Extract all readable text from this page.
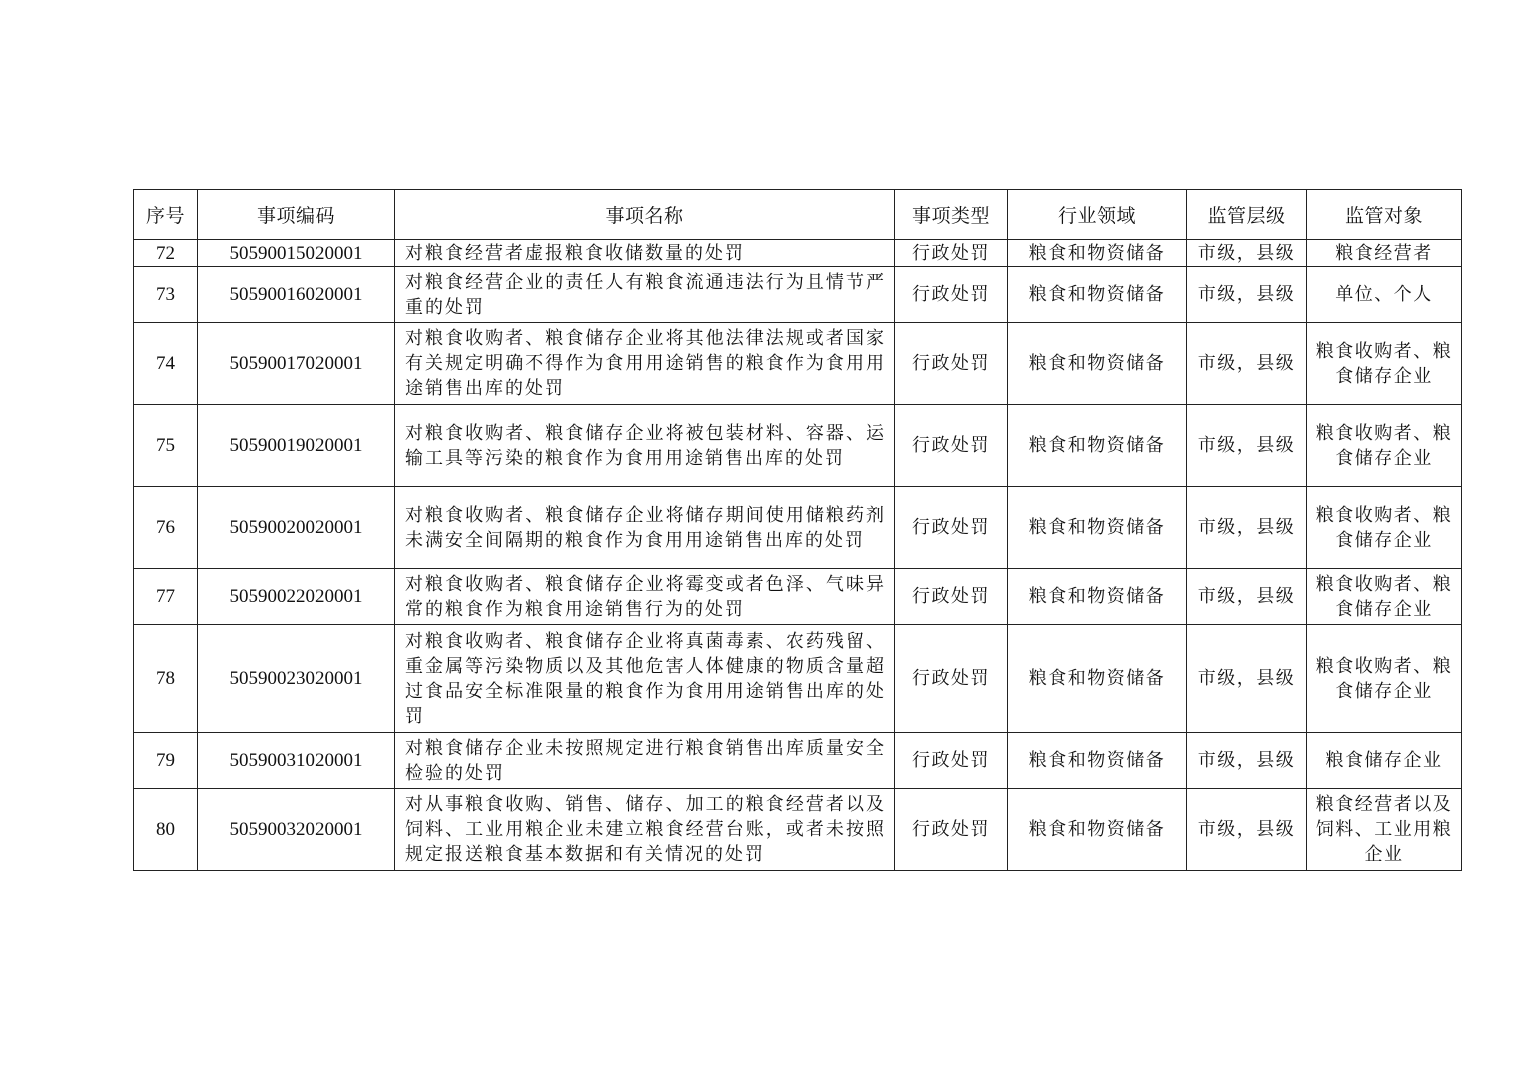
序号	事项编码	事项名称	事项类型	行业领域	监管层级	监管对象
72	50590015020001	对粮食经营者虚报粮食收储数量的处罚	行政处罚	粮食和物资储备	市级，县级	粮食经营者
73	50590016020001	对粮食经营企业的责任人有粮食流通违法行为且情节严重的处罚	行政处罚	粮食和物资储备	市级，县级	单位、个人
74	50590017020001	对粮食收购者、粮食储存企业将其他法律法规或者国家有关规定明确不得作为食用用途销售的粮食作为食用用途销售出库的处罚	行政处罚	粮食和物资储备	市级，县级	粮食收购者、粮食储存企业
75	50590019020001	对粮食收购者、粮食储存企业将被包装材料、容器、运输工具等污染的粮食作为食用用途销售出库的处罚	行政处罚	粮食和物资储备	市级，县级	粮食收购者、粮食储存企业
76	50590020020001	对粮食收购者、粮食储存企业将储存期间使用储粮药剂未满安全间隔期的粮食作为食用用途销售出库的处罚	行政处罚	粮食和物资储备	市级，县级	粮食收购者、粮食储存企业
77	50590022020001	对粮食收购者、粮食储存企业将霉变或者色泽、气味异常的粮食作为粮食用途销售行为的处罚	行政处罚	粮食和物资储备	市级，县级	粮食收购者、粮食储存企业
78	50590023020001	对粮食收购者、粮食储存企业将真菌毒素、农药残留、重金属等污染物质以及其他危害人体健康的物质含量超过食品安全标准限量的粮食作为食用用途销售出库的处罚	行政处罚	粮食和物资储备	市级，县级	粮食收购者、粮食储存企业
79	50590031020001	对粮食储存企业未按照规定进行粮食销售出库质量安全检验的处罚	行政处罚	粮食和物资储备	市级，县级	粮食储存企业
80	50590032020001	对从事粮食收购、销售、储存、加工的粮食经营者以及饲料、工业用粮企业未建立粮食经营台账，或者未按照规定报送粮食基本数据和有关情况的处罚	行政处罚	粮食和物资储备	市级，县级	粮食经营者以及饲料、工业用粮企业
